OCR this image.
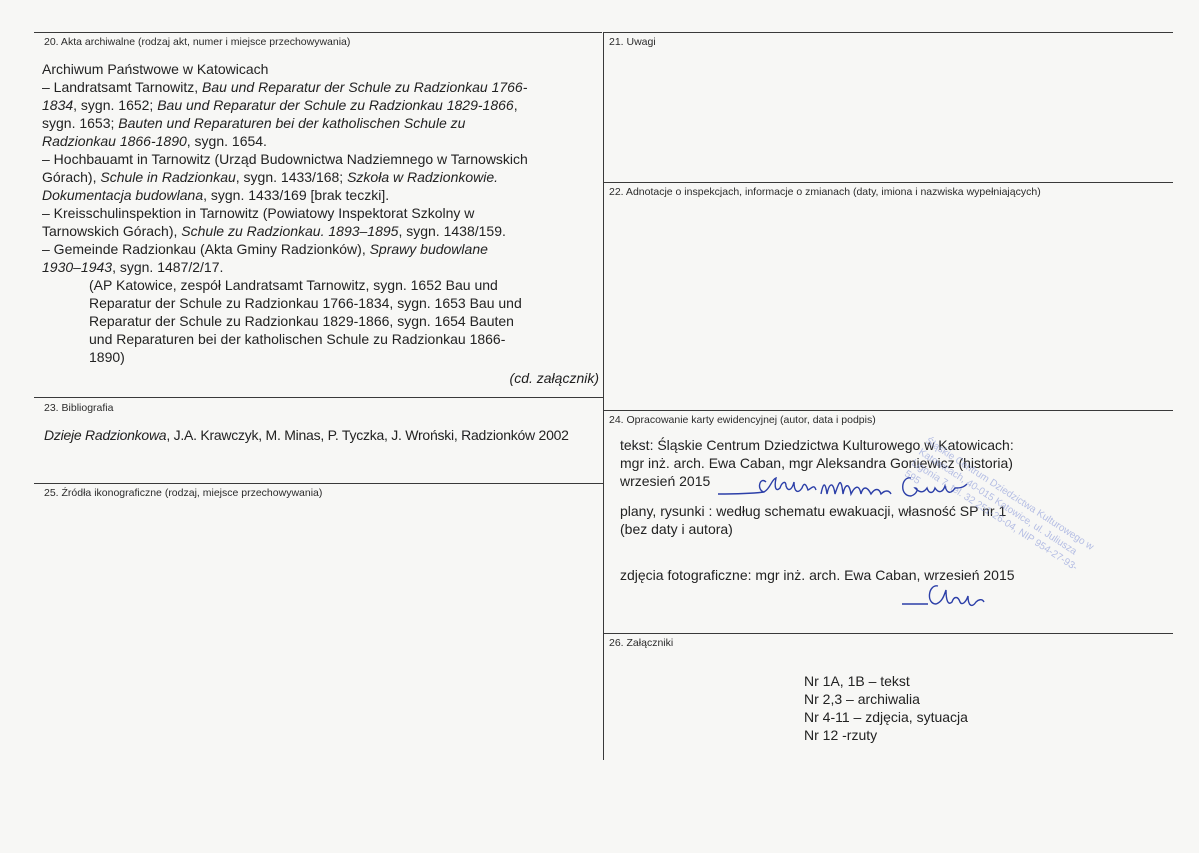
20. Akta archiwalne (rodzaj akt, numer i miejsce przechowywania)	21. Uwagi
22. Adnotacje o inspekcjach, informacje o zmianach (daty, imiona i nazwiska wypełniających)
23. Bibliografia
24. Opracowanie karty ewidencyjnej (autor, data i podpis)
25. Źródła ikonograficzne (rodzaj, miejsce przechowywania)
26. Załączniki
Archiwum Państwowe w Katowicach
– Landratsamt Tarnowitz, Bau und Reparatur der Schule zu Radzionkau 1766-
1834, sygn. 1652; Bau und Reparatur der Schule zu Radzionkau 1829-1866,
sygn. 1653; Bauten und Reparaturen bei der katholischen Schule zu
Radzionkau 1866-1890, sygn. 1654.
– Hochbauamt in Tarnowitz (Urząd Budownictwa Nadziemnego w Tarnowskich
Górach), Schule in Radzionkau, sygn. 1433/168; Szkoła w Radzionkowie.
Dokumentacja budowlana, sygn. 1433/169 [brak teczki].
– Kreisschulinspektion in Tarnowitz (Powiatowy Inspektorat Szkolny w
Tarnowskich Górach), Schule zu Radzionkau. 1893–1895, sygn. 1438/159.
– Gemeinde Radzionkau (Akta Gminy Radzionków), Sprawy budowlane
1930–1943, sygn. 1487/2/17.
(AP Katowice, zespół Landratsamt Tarnowitz, sygn. 1652 Bau und
Reparatur der Schule zu Radzionkau 1766-1834, sygn. 1653 Bau und
Reparatur der Schule zu Radzionkau 1829-1866, sygn. 1654 Bauten
und Reparaturen bei der katholischen Schule zu Radzionkau 1866-
1890)
(cd. załącznik)
Dzieje Radzionkowa, J.A. Krawczyk, M. Minas, P. Tyczka, J. Wroński, Radzionków 2002
tekst: Śląskie Centrum Dziedzictwa Kulturowego w Katowicach:
mgr inż. arch. Ewa Caban, mgr Aleksandra Goniewicz (historia)
wrzesień 2015
plany, rysunki : według schematu ewakuacji, własność SP nr 1
(bez daty i autora)
zdjęcia fotograficzne: mgr inż. arch. Ewa Caban, wrzesień 2015
Śląskie Centrum Dziedzictwa Kulturowego w Katowicach, 40-015 Katowice, ul. Juliusza Ligonia 7, tel. 32 251-26-04, NIP 954-27-93-595
Nr 1A, 1B – tekst
Nr 2,3 – archiwalia
Nr 4-11 – zdjęcia, sytuacja
Nr 12 -rzuty
